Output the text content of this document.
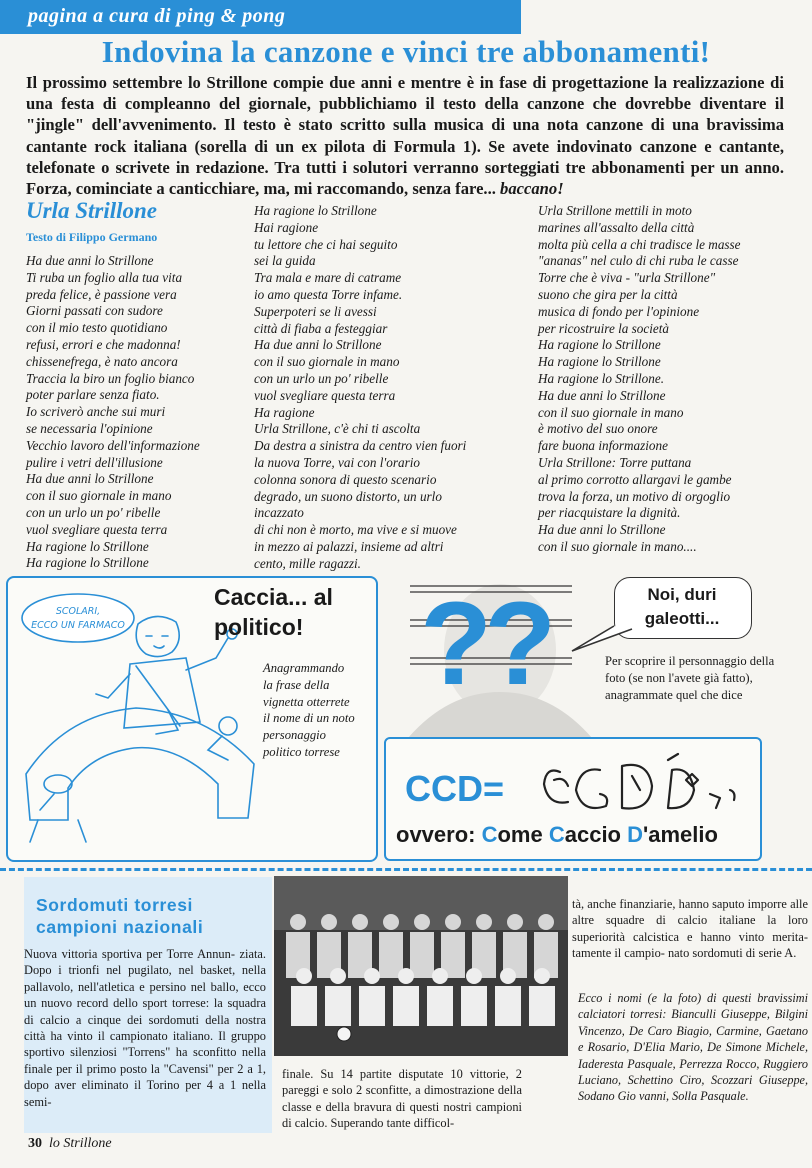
pagina a cura di ping & pong
Indovina la canzone e vinci tre abbonamenti!
Il prossimo settembre lo Strillone compie due anni e mentre è in fase di progettazione la realizzazione di una festa di compleanno del giornale, pubblichiamo il testo della canzone che dovrebbe diventare il "jingle" dell'avvenimento. Il testo è stato scritto sulla musica di una nota canzone di una bravissima cantante rock italiana (sorella di un ex pilota di Formula 1). Se avete indovinato canzone e cantante, telefonate o scrivete in redazione. Tra tutti i solutori verranno sorteggiati tre abbonamenti per un anno. Forza, cominciate a canticchiare, ma, mi raccomando, senza fare... baccano!
Urla Strillone
Testo di Filippo Germano
Ha due anni lo Strillone
Ti ruba un foglio alla tua vita
preda felice, è passione vera
Giorni passati con sudore
con il mio testo quotidiano
refusi, errori e che madonna!
chissenefrega, è nato ancora
Traccia la biro un foglio bianco
poter parlare senza fiato.
Io scriverò anche sui muri
se necessaria l'opinione
Vecchio lavoro dell'informazione
pulire i vetri dell'illusione
Ha due anni lo Strillone
con il suo giornale in mano
con un urlo un po' ribelle
vuol svegliare questa terra
Ha ragione lo Strillone
Ha ragione lo Strillone
Ha ragione lo Strillone
Hai ragione
tu lettore che ci hai seguito
sei la guida
Tra mala e mare di catrame
io amo questa Torre infame.
Superpoteri se li avessi
città di fiaba a festeggiar
Ha due anni lo Strillone
con il suo giornale in mano
con un urlo un po' ribelle
vuol svegliare questa terra
Ha ragione
Urla Strillone, c'è chi ti ascolta
Da destra a sinistra da centro vien fuori
la nuova Torre, vai con l'orario
colonna sonora di questo scenario
degrado, un suono distorto, un urlo
incazzato
di chi non è morto, ma vive e si muove
in mezzo ai palazzi, insieme ad altri
cento, mille ragazzi.
Urla Strillone mettili in moto
marines all'assalto della città
molta più cella a chi tradisce le masse
"ananas" nel culo di chi ruba le casse
Torre che è viva - "urla Strillone"
suono che gira per la città
musica di fondo per l'opinione
per ricostruire la società
Ha ragione lo Strillone
Ha ragione lo Strillone
Ha ragione lo Strillone.
Ha due anni lo Strillone
con il suo giornale in mano
è motivo del suo onore
fare buona informazione
Urla Strillone: Torre puttana
al primo corrotto allargavi le gambe
trova la forza, un motivo di orgoglio
per riacquistare la dignità.
Ha due anni lo Strillone
con il suo giornale in mano....
SCOLARI,
ECCO UN FARMACO
Caccia... al
politico!
Anagrammando
la frase della
vignetta otterrete
il nome di un noto
personaggio
politico torrese
??	Noi, duri
galeotti...
Per scoprire il personnaggio della foto (se non l'avete già fatto), anagrammate quel che dice
CCD=
ovvero: Come Caccio D'amelio
Sordomuti torresi
campioni nazionali
Nuova vittoria sportiva per Torre Annun- ziata. Dopo i trionfi nel pugilato, nel basket, nella pallavolo, nell'atletica e persino nel ballo, ecco un nuovo record dello sport torrese: la squadra di calcio a cinque dei sordomuti della nostra città ha vinto il campionato italiano. Il gruppo sportivo silenziosi "Torrens" ha sconfitto nella finale per il primo posto la "Cavensi" per 2 a 1, dopo aver eliminato il Torino per 4 a 1 nella semi-
finale. Su 14 partite disputate 10 vittorie, 2 pareggi e solo 2 sconfitte, a dimostrazione della classe e della bravura di questi nostri campioni di calcio. Superando tante difficol-
tà, anche finanziarie, hanno saputo imporre alle altre squadre di calcio italiane la loro superiorità calcistica e hanno vinto merita- tamente il campio- nato sordomuti di serie A.
Ecco i nomi (e la foto) di questi bravissimi calciatori torresi: Bianculli Giuseppe, Bilgini Vincenzo, De Caro Biagio, Carmine, Gaetano e Rosario, D'Elia Mario, De Simone Michele, Iaderesta Pasquale, Perrezza Rocco, Ruggiero Luciano, Schettino Ciro, Scozzari Giuseppe, Sodano Gio vanni, Solla Pasquale.
30 lo Strillone
